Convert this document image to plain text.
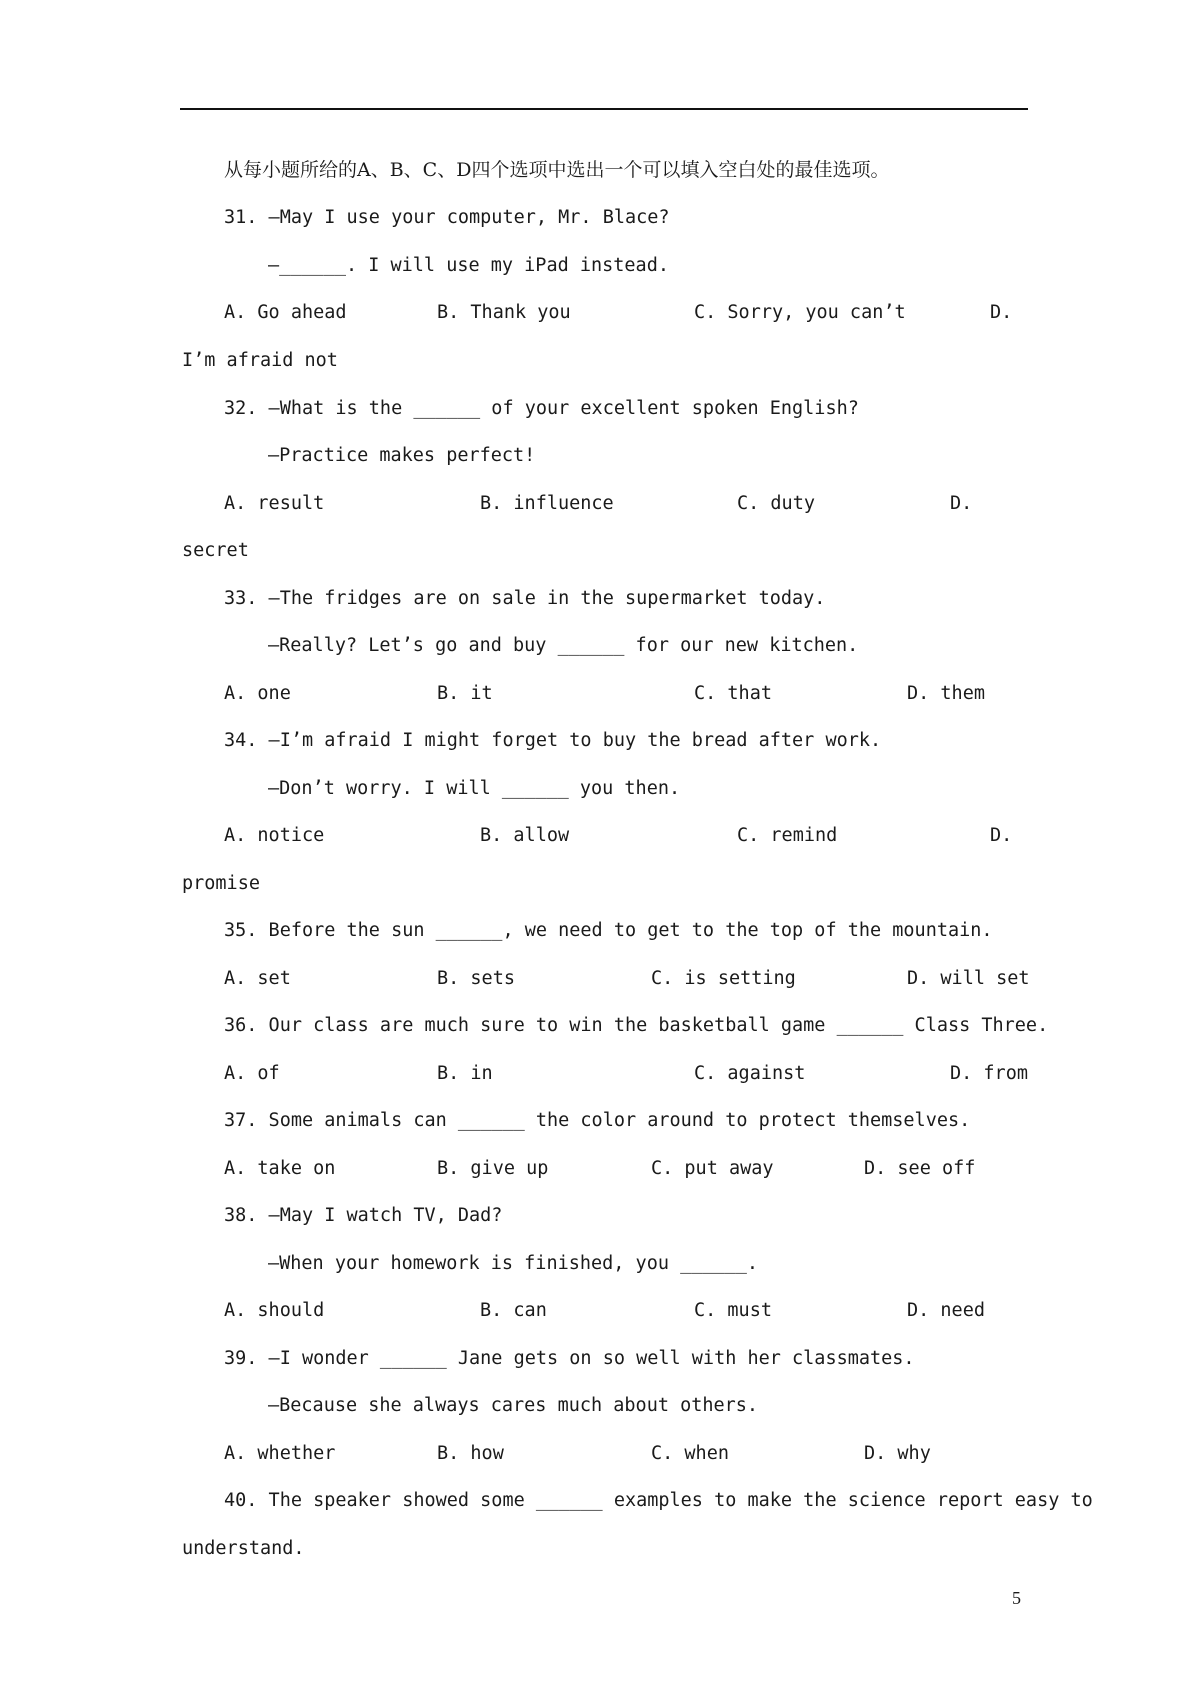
从每小题所给的A、B、C、D四个选项中选出一个可以填入空白处的最佳选项。
31. —May I use your computer, Mr. Blace?
—______. I will use my iPad instead.
A. Go ahead	B. Thank you	C. Sorry, you can’t	D.
I’m afraid not
32. —What is the ______ of your excellent spoken English?
—Practice makes perfect!
A. result	B. influence	C. duty	D.
secret
33. —The fridges are on sale in the supermarket today.
—Really? Let’s go and buy ______ for our new kitchen.
A. one	B. it	C. that	D. them
34. —I’m afraid I might forget to buy the bread after work.
—Don’t worry. I will ______ you then.
A. notice	B. allow	C. remind	D.
promise
35. Before the sun ______, we need to get to the top of the mountain.
A. set	B. sets	C. is setting	D. will set
36. Our class are much sure to win the basketball game ______ Class Three.
A. of	B. in	C. against	D. from
37. Some animals can ______ the color around to protect themselves.
A. take on	B. give up	C. put away	D. see off
38. —May I watch TV, Dad?
—When your homework is finished, you ______.
A. should	B. can	C. must	D. need
39. —I wonder ______ Jane gets on so well with her classmates.
—Because she always cares much about others.
A. whether	B. how	C. when	D. why
40. The speaker showed some ______ examples to make the science report easy to
understand.
5
